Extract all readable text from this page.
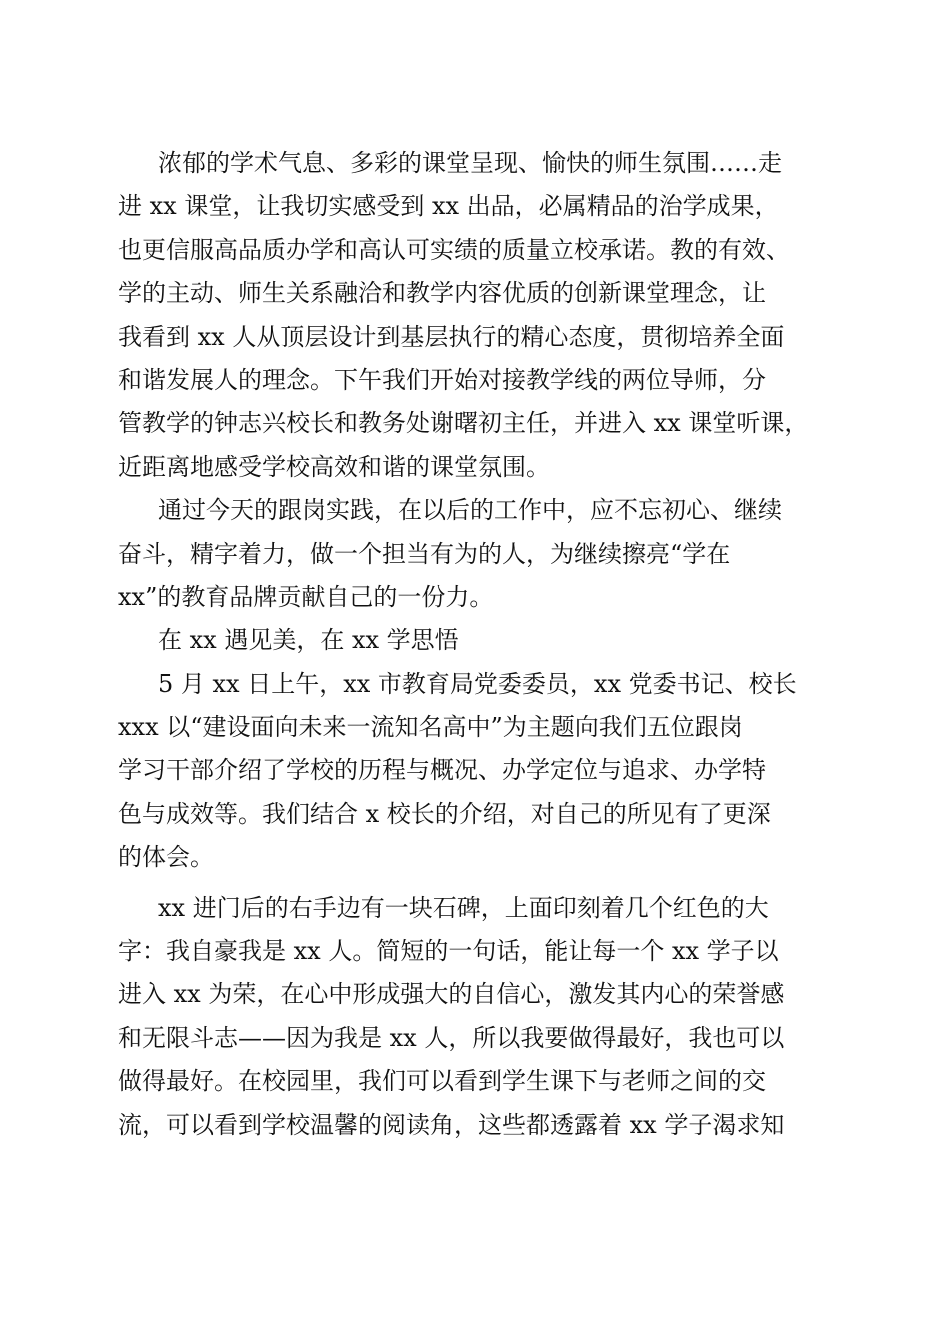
浓郁的学术气息、多彩的课堂呈现、愉快的师生氛围……走
进 xx 课堂，让我切实感受到 xx 出品，必属精品的治学成果，
也更信服高品质办学和高认可实绩的质量立校承诺。教的有效、
学的主动、师生关系融洽和教学内容优质的创新课堂理念，让
我看到 xx 人从顶层设计到基层执行的精心态度，贯彻培养全面
和谐发展人的理念。下午我们开始对接教学线的两位导师，分
管教学的钟志兴校长和教务处谢曙初主任，并进入 xx 课堂听课，
近距离地感受学校高效和谐的课堂氛围。
通过今天的跟岗实践，在以后的工作中，应不忘初心、继续
奋斗，精字着力，做一个担当有为的人，为继续擦亮“学在
xx”的教育品牌贡献自己的一份力。
在 xx 遇见美，在 xx 学思悟
5 月 xx 日上午，xx 市教育局党委委员，xx 党委书记、校长
xxx 以“建设面向未来一流知名高中”为主题向我们五位跟岗
学习干部介绍了学校的历程与概况、办学定位与追求、办学特
色与成效等。我们结合 x 校长的介绍，对自己的所见有了更深
的体会。
xx 进门后的右手边有一块石碑，上面印刻着几个红色的大
字：我自豪我是 xx 人。简短的一句话，能让每一个 xx 学子以
进入 xx 为荣，在心中形成强大的自信心，激发其内心的荣誉感
和无限斗志——因为我是 xx 人，所以我要做得最好，我也可以
做得最好。在校园里，我们可以看到学生课下与老师之间的交
流，可以看到学校温馨的阅读角，这些都透露着 xx 学子渴求知
